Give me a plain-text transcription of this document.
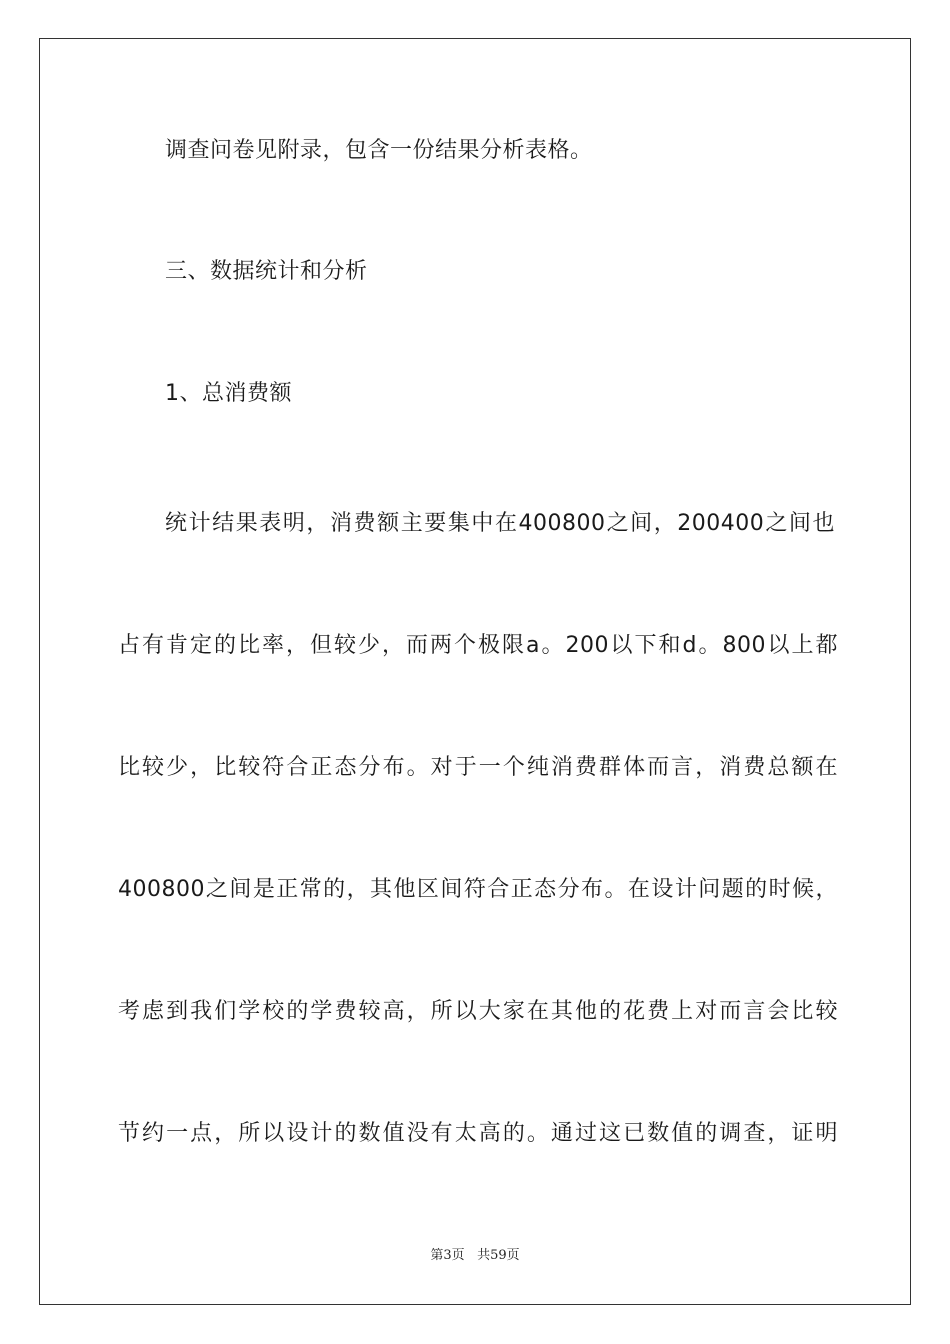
调查问卷见附录，包含一份结果分析表格。
三、数据统计和分析
1、总消费额
统计结果表明，消费额主要集中在400800之间，200400之间也
占有肯定的比率，但较少，而两个极限a。200以下和d。800以上都
比较少，比较符合正态分布。对于一个纯消费群体而言，消费总额在
400800之间是正常的，其他区间符合正态分布。在设计问题的时候，
考虑到我们学校的学费较高，所以大家在其他的花费上对而言会比较
节约一点，所以设计的数值没有太高的。通过这已数值的调查，证明
第3页 共59页
